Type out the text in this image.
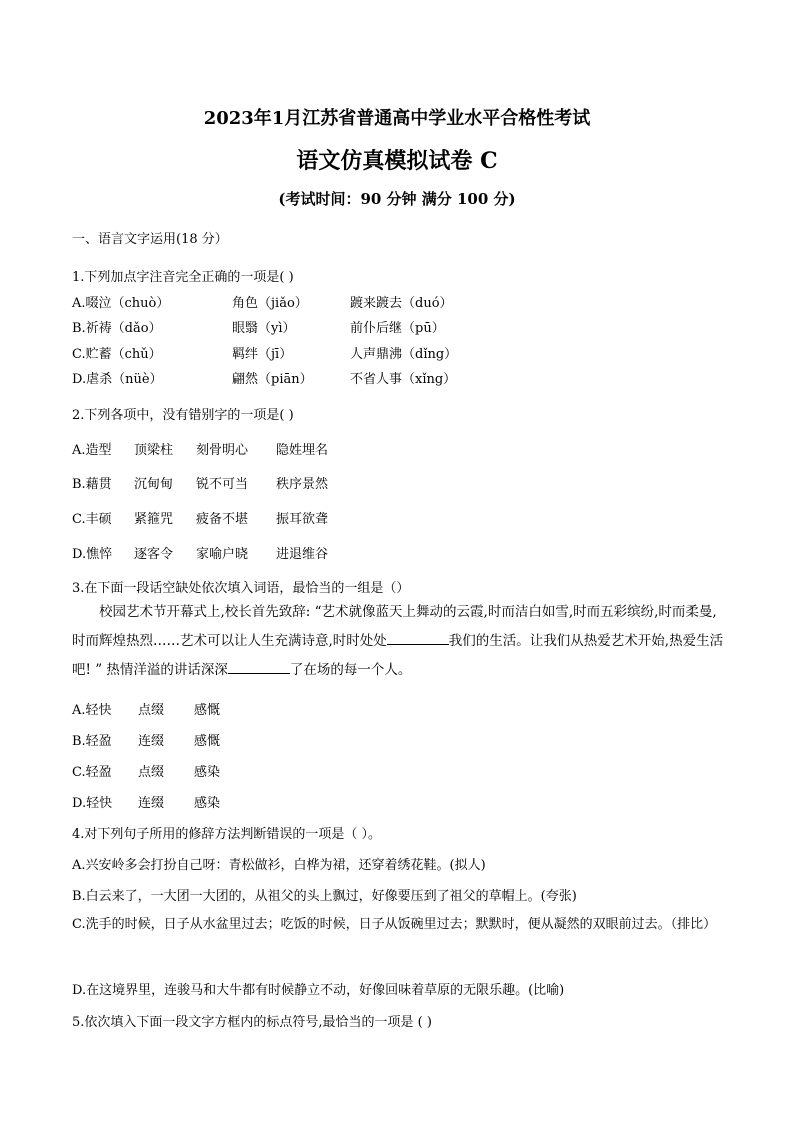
2023年1月江苏省普通高中学业水平合格性考试
语文仿真模拟试卷 C
(考试时间：90 分钟 满分 100 分)
一、语言文字运用(18 分）
1.下列加点字注音完全正确的一项是( )
A.啜泣（chuò）	角色（jiǎo）	踱来踱去（duó）
B.祈祷（dǎo）	眼翳（yì）	前仆后继（pū）
C.贮蓄（chǔ）	羁绊（jī）	人声鼎沸（dǐng）
D.虐杀（nüè）	翩然（piān）	不省人事（xǐng）
2.下列各项中，没有错别字的一项是( )
A.造型 顶梁柱 刻骨明心 隐姓埋名
B.藉贯 沉甸甸 锐不可当 秩序景然
C.丰硕 紧箍咒 疲备不堪 振耳欲聋
D.憔悴 逐客令 家喻户晓 进退维谷
3.在下面一段话空缺处依次填入词语，最恰当的一组是（）
校园艺术节开幕式上,校长首先致辞: “艺术就像蓝天上舞动的云霞,时而洁白如雪,时而五彩缤纷,时而柔曼,时而辉煌热烈……艺术可以让人生充满诗意,时时处处	我们的生活。让我们从热爱艺术开始,热爱生活吧! ” 热情洋溢的讲话深深	了在场的每一个人。
A.轻快 点缀 感慨
B.轻盈 连缀 感慨
C.轻盈 点缀 感染
D.轻快 连缀 感染
4.对下列句子所用的修辞方法判断错误的一项是（ ）。
A.兴安岭多会打扮自己呀：青松做衫，白桦为裙，还穿着绣花鞋。(拟人)
B.白云来了，一大团一大团的，从祖父的头上飘过，好像要压到了祖父的草帽上。(夸张)
C.洗手的时候，日子从水盆里过去；吃饭的时候，日子从饭碗里过去；默默时，便从凝然的双眼前过去。（排比）
D.在这境界里，连骏马和大牛都有时候静立不动，好像回味着草原的无限乐趣。(比喻)
5.依次填入下面一段文字方框内的标点符号,最恰当的一项是 ( )
